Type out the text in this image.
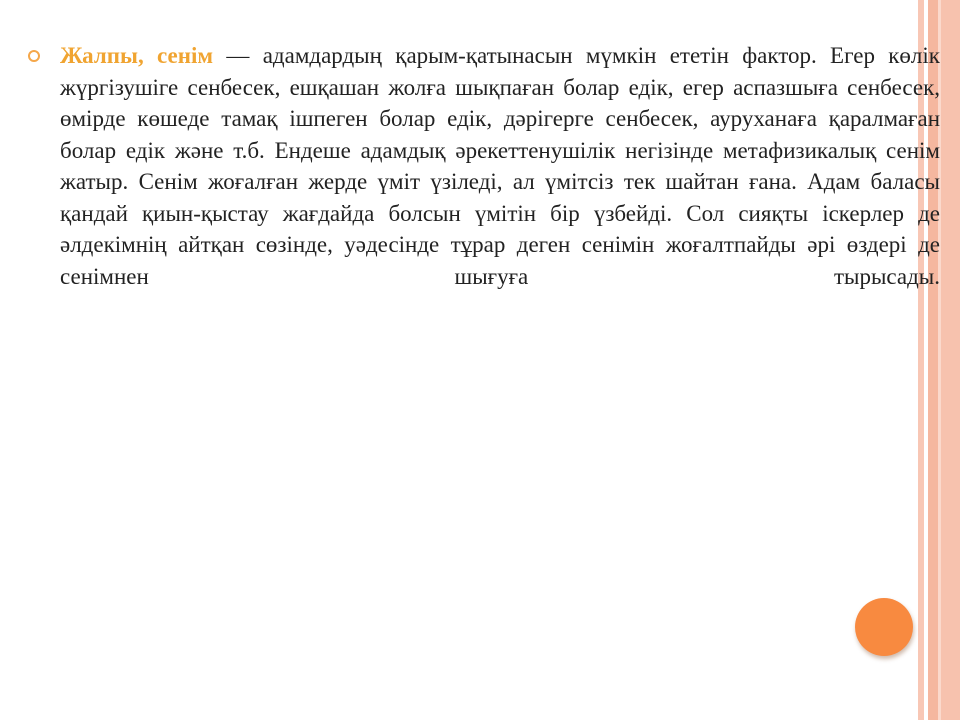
Жалпы, сенім — адамдардың қарым-қатынасын мүмкін ететін фактор. Егер көлік жүргізушіге сенбесек, ешқашан жолға шықпаған болар едік, егер аспазшыға сенбесек, өмірде көшеде тамақ ішпеген болар едік, дәрігерге сенбесек, ауруханаға қаралмаған болар едік және т.б. Ендеше адамдық әрекеттенушілік негізінде метафизикалық сенім жатыр. Сенім жоғалған жерде үміт үзіледі, ал үмітсіз тек шайтан ғана. Адам баласы қандай қиын-қыстау жағдайда болсын үмітін бір үзбейді. Сол сияқты іскерлер де әлдекімнің айтқан сөзінде, уәдесінде тұрар деген сенімін жоғалтпайды әрі өздері де сенімнен шығуға тырысады.
